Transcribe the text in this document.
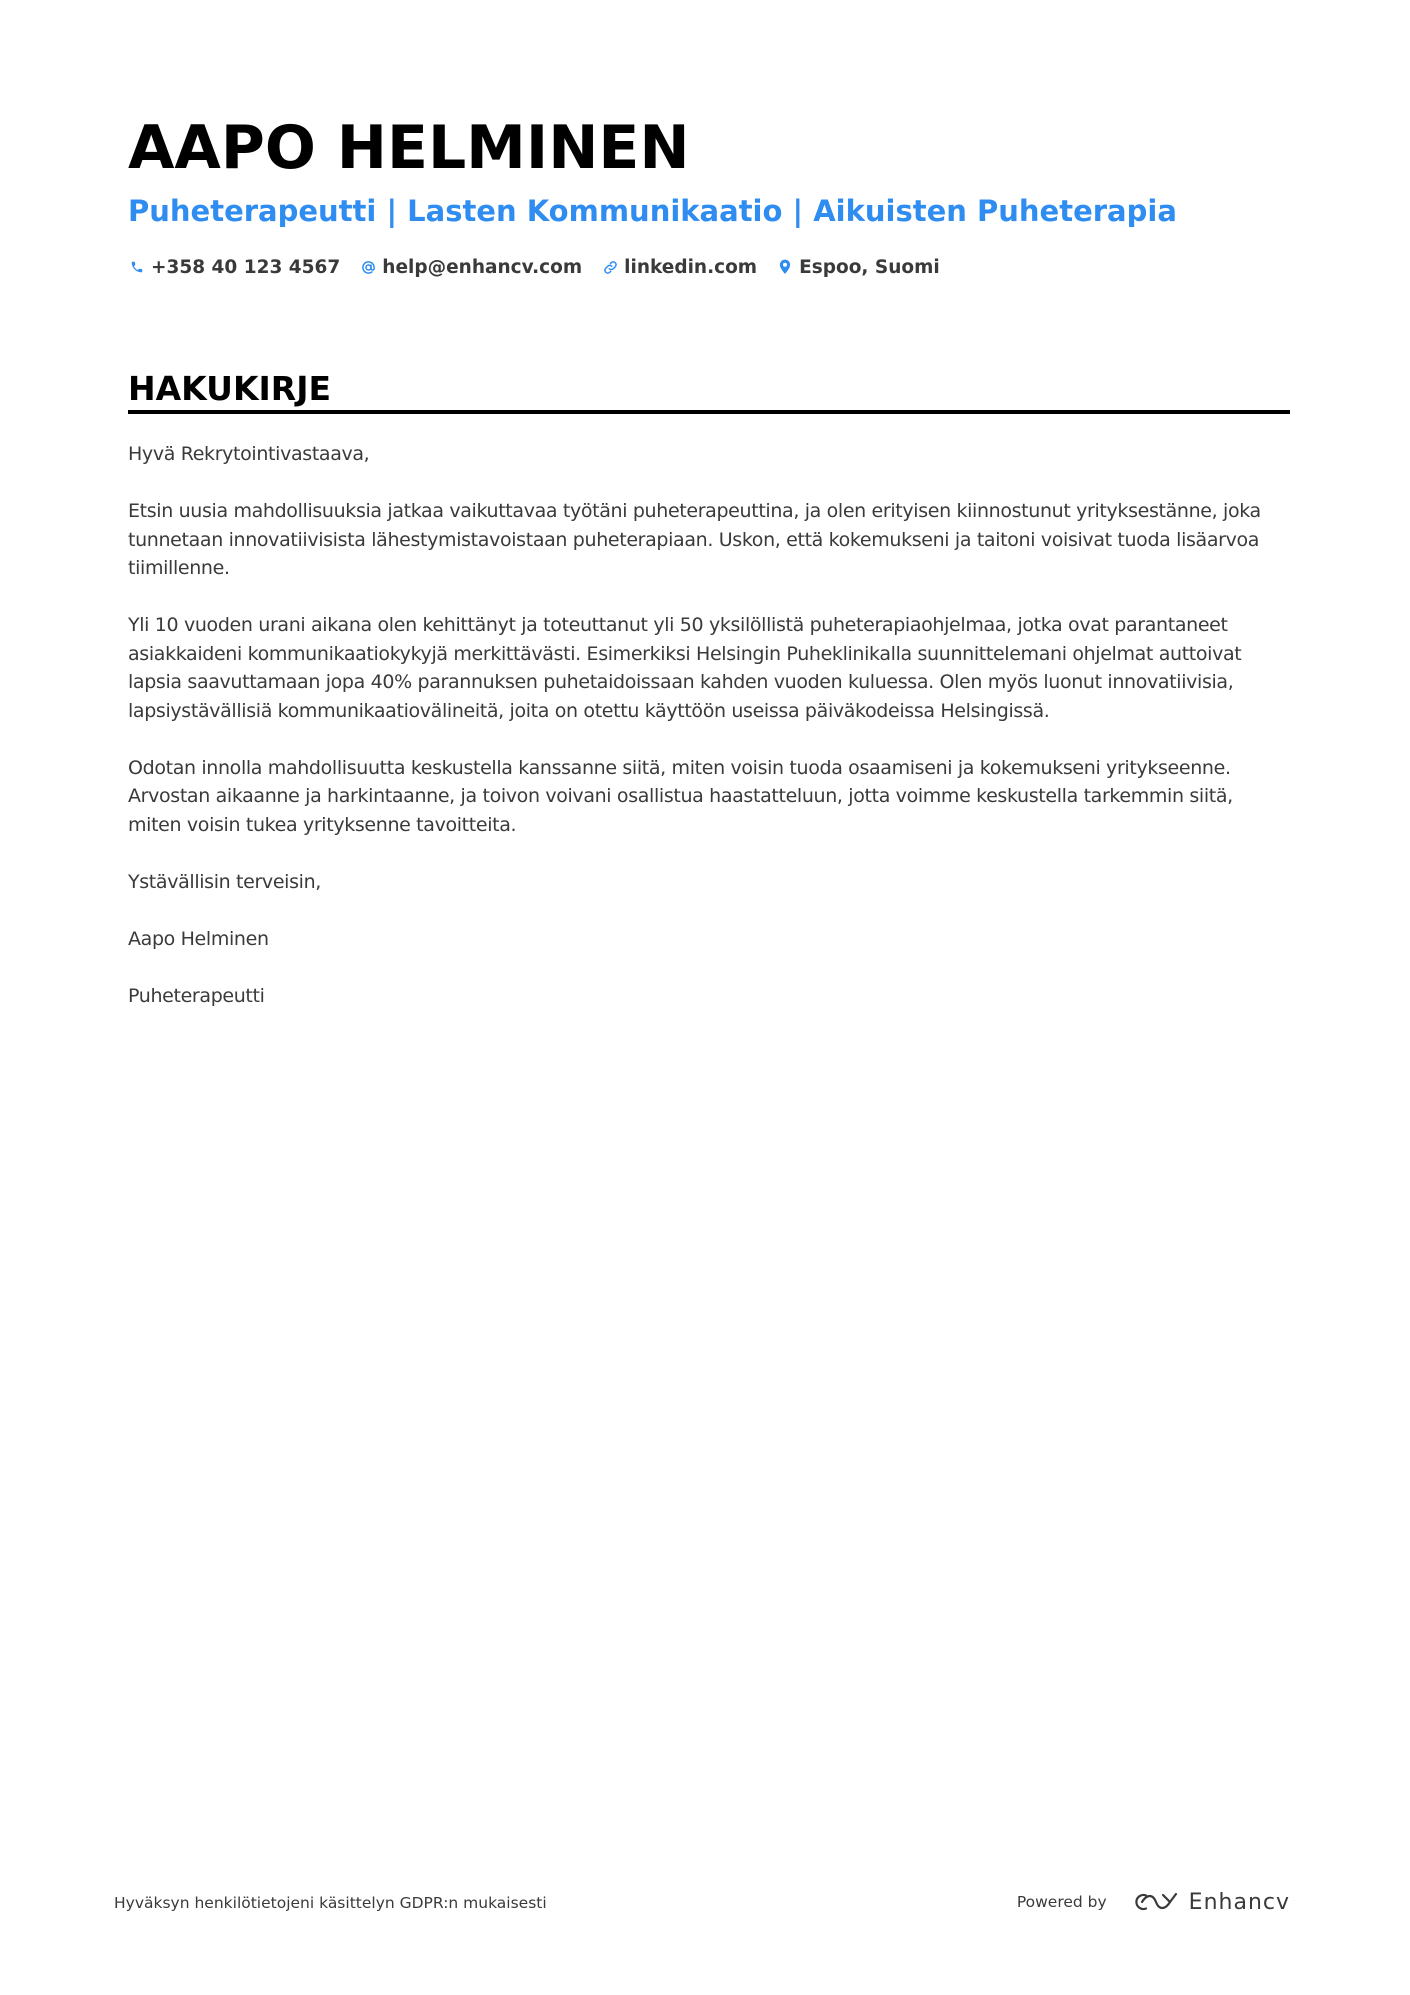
AAPO HELMINEN
Puheterapeutti | Lasten Kommunikaatio | Aikuisten Puheterapia
+358 40 123 4567 help@enhancv.com linkedin.com Espoo, Suomi
HAKUKIRJE

Hyvä Rekrytointivastaava,

Etsin uusia mahdollisuuksia jatkaa vaikuttavaa työtäni puheterapeuttina, ja olen erityisen kiinnostunut yrityksestänne, joka tunnetaan innovatiivisista lähestymistavoistaan puheterapiaan. Uskon, että kokemukseni ja taitoni voisivat tuoda lisäarvoa tiimillenne.

Yli 10 vuoden urani aikana olen kehittänyt ja toteuttanut yli 50 yksilöllistä puheterapiaohjelmaa, jotka ovat parantaneet asiakkaideni kommunikaatiokykyjä merkittävästi. Esimerkiksi Helsingin Puheklinikalla suunnittelemani ohjelmat auttoivat lapsia saavuttamaan jopa 40% parannuksen puhetaidoissaan kahden vuoden kuluessa. Olen myös luonut innovatiivisia, lapsiystävällisiä kommunikaatiovälineitä, joita on otettu käyttöön useissa päiväkodeissa Helsingissä.

Odotan innolla mahdollisuutta keskustella kanssanne siitä, miten voisin tuoda osaamiseni ja kokemukseni yritykseenne. Arvostan aikaanne ja harkintaanne, ja toivon voivani osallistua haastatteluun, jotta voimme keskustella tarkemmin siitä, miten voisin tukea yrityksenne tavoitteita.

Ystävällisin terveisin,

Aapo Helminen

Puheterapeutti

Hyväksyn henkilötietojeni käsittelyn GDPR:n mukaisesti	Powered by	Enhancv
